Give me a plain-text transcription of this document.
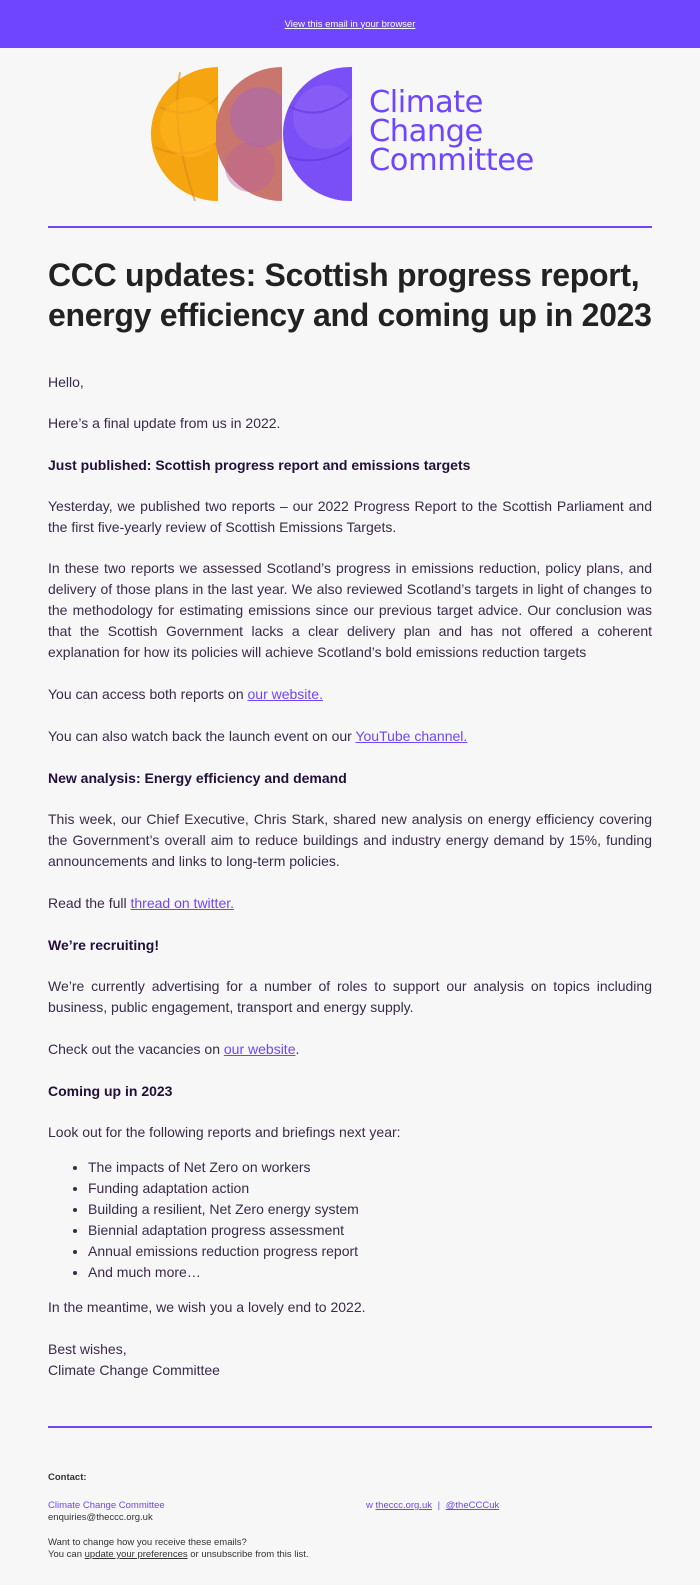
View this email in your browser
Climate
Change
Committee
CCC updates: Scottish progress report, energy efficiency and coming up in 2023

Hello,

Here’s a final update from us in 2022.

Just published: Scottish progress report and emissions targets

Yesterday, we published two reports – our 2022 Progress Report to the Scottish Parliament and the first five-yearly review of Scottish Emissions Targets.

In these two reports we assessed Scotland’s progress in emissions reduction, policy plans, and delivery of those plans in the last year. We also reviewed Scotland’s targets in light of changes to the methodology for estimating emissions since our previous target advice. Our conclusion was that the Scottish Government lacks a clear delivery plan and has not offered a coherent explanation for how its policies will achieve Scotland’s bold emissions reduction targets

You can access both reports on our website.

You can also watch back the launch event on our YouTube channel.

New analysis: Energy efficiency and demand

This week, our Chief Executive, Chris Stark, shared new analysis on energy efficiency covering the Government’s overall aim to reduce buildings and industry energy demand by 15%, funding announcements and links to long-term policies.

Read the full thread on twitter.

We’re recruiting!

We’re currently advertising for a number of roles to support our analysis on topics including business, public engagement, transport and energy supply.

Check out the vacancies on our website.

Coming up in 2023

Look out for the following reports and briefings next year:

• The impacts of Net Zero on workers
• Funding adaptation action
• Building a resilient, Net Zero energy system
• Biennial adaptation progress assessment
• Annual emissions reduction progress report
• And much more…

In the meantime, we wish you a lovely end to 2022.

Best wishes,

Climate Change Committee

Contact:
Climate Change Committee
enquiries@theccc.org.uk
w theccc.org.uk | @theCCCuk
Want to change how you receive these emails?
You can update your preferences or unsubscribe from this list.
